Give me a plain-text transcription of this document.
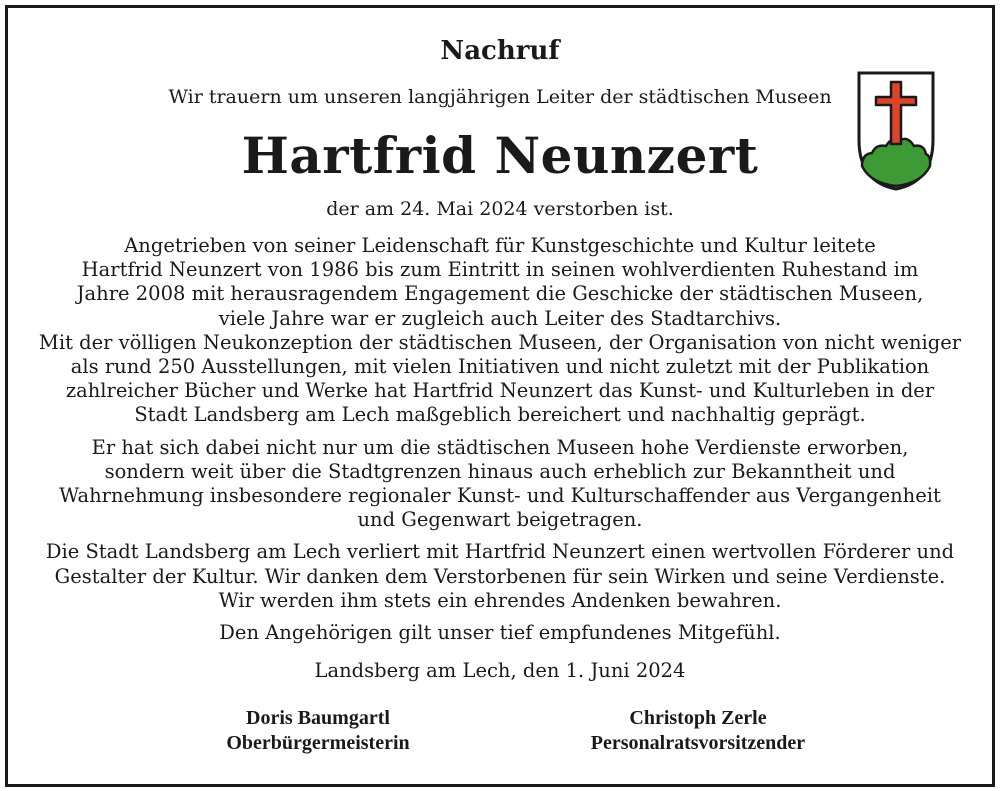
Nachruf
Wir trauern um unseren langjährigen Leiter der städtischen Museen
Hartfrid Neunzert
der am 24. Mai 2024 verstorben ist.

Angetrieben von seiner Leidenschaft für Kunstgeschichte und Kultur leitete
Hartfrid Neunzert von 1986 bis zum Eintritt in seinen wohlverdienten Ruhestand im
Jahre 2008 mit herausragendem Engagement die Geschicke der städtischen Museen,
viele Jahre war er zugleich auch Leiter des Stadtarchivs.
Mit der völligen Neukonzeption der städtischen Museen, der Organisation von nicht weniger
als rund 250 Ausstellungen, mit vielen Initiativen und nicht zuletzt mit der Publikation
zahlreicher Bücher und Werke hat Hartfrid Neunzert das Kunst- und Kulturleben in der
Stadt Landsberg am Lech maßgeblich bereichert und nachhaltig geprägt.

Er hat sich dabei nicht nur um die städtischen Museen hohe Verdienste erworben,
sondern weit über die Stadtgrenzen hinaus auch erheblich zur Bekanntheit und
Wahrnehmung insbesondere regionaler Kunst- und Kulturschaffender aus Vergangenheit
und Gegenwart beigetragen.

Die Stadt Landsberg am Lech verliert mit Hartfrid Neunzert einen wertvollen Förderer und
Gestalter der Kultur. Wir danken dem Verstorbenen für sein Wirken und seine Verdienste.
Wir werden ihm stets ein ehrendes Andenken bewahren.

Den Angehörigen gilt unser tief empfundenes Mitgefühl.

Landsberg am Lech, den 1. Juni 2024
Doris Baumgartl
Oberbürgermeisterin
Christoph Zerle
Personalratsvorsitzender
